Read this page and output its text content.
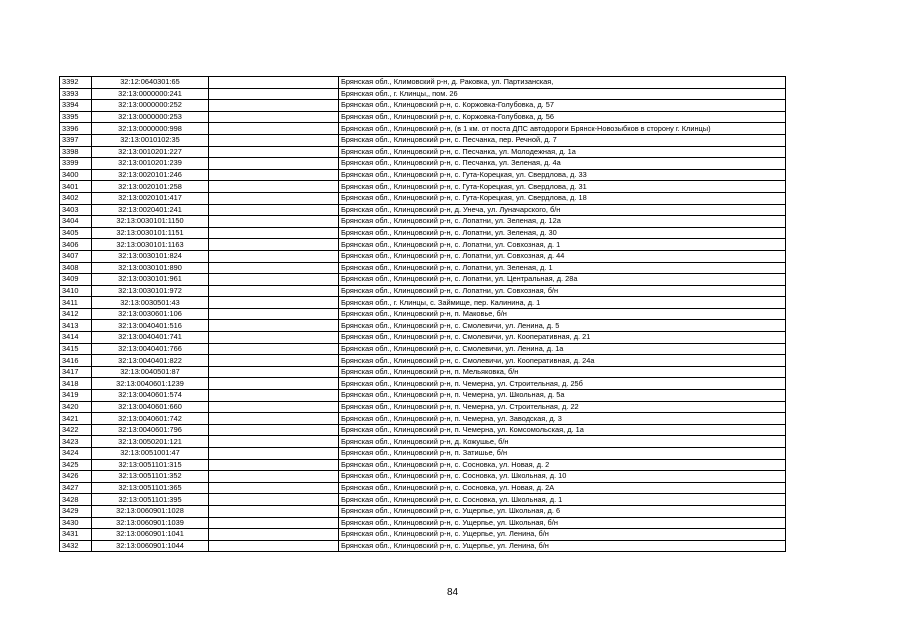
3392	32:12:0640301:65		Брянская обл., Климовский р-н, д. Раковка, ул. Партизанская,
3393	32:13:0000000:241		Брянская обл., г. Клинцы,, пом. 26
3394	32:13:0000000:252		Брянская обл., Клинцовский р-н, с. Коржовка-Голубовка, д. 57
3395	32:13:0000000:253		Брянская обл., Клинцовский р-н, с. Коржовка-Голубовка, д. 56
3396	32:13:0000000:998		Брянская обл., Клинцовский р-н, (в 1 км. от поста ДПС автодороги Брянск-Новозыбков в сторону г. Клинцы)
3397	32:13:0010102:35		Брянская обл., Клинцовский р-н, с. Песчанка, пер. Речной, д. 7
3398	32:13:0010201:227		Брянская обл., Клинцовский р-н, с. Песчанка, ул. Молодежная, д. 1а
3399	32:13:0010201:239		Брянская обл., Клинцовский р-н, с. Песчанка, ул. Зеленая, д. 4а
3400	32:13:0020101:246		Брянская обл., Клинцовский р-н, с. Гута-Корецкая, ул. Свердлова, д. 33
3401	32:13:0020101:258		Брянская обл., Клинцовский р-н, с. Гута-Корецкая, ул. Свердлова, д. 31
3402	32:13:0020101:417		Брянская обл., Клинцовский р-н, с. Гута-Корецкая, ул. Свердлова, д. 18
3403	32:13:0020401:241		Брянская обл., Клинцовский р-н, д. Унеча, ул. Луначарского, б/н
3404	32:13:0030101:1150		Брянская обл., Клинцовский р-н, с. Лопатни, ул. Зеленая, д. 12а
3405	32:13:0030101:1151		Брянская обл., Клинцовский р-н, с. Лопатни, ул. Зеленая, д. 30
3406	32:13:0030101:1163		Брянская обл., Клинцовский р-н, с. Лопатни, ул. Совхозная, д. 1
3407	32:13:0030101:824		Брянская обл., Клинцовский р-н, с. Лопатни, ул. Совхозная, д. 44
3408	32:13:0030101:890		Брянская обл., Клинцовский р-н, с. Лопатни, ул. Зеленая, д. 1
3409	32:13:0030101:961		Брянская обл., Клинцовский р-н, с. Лопатни, ул. Центральная, д. 28а
3410	32:13:0030101:972		Брянская обл., Клинцовский р-н, с. Лопатни, ул. Совхозная, б/н
3411	32:13:0030501:43		Брянская обл., г. Клинцы, с. Займище, пер. Калинина, д. 1
3412	32:13:0030601:106		Брянская обл., Клинцовский р-н, п. Маковье, б/н
3413	32:13:0040401:516		Брянская обл., Клинцовский р-н, с. Смолевичи, ул. Ленина, д. 5
3414	32:13:0040401:741		Брянская обл., Клинцовский р-н, с. Смолевичи, ул. Кооперативная, д. 21
3415	32:13:0040401:766		Брянская обл., Клинцовский р-н, с. Смолевичи, ул. Ленина, д. 1а
3416	32:13:0040401:822		Брянская обл., Клинцовский р-н, с. Смолевичи, ул. Кооперативная, д. 24а
3417	32:13:0040501:87		Брянская обл., Клинцовский р-н, п. Мельяковка, б/н
3418	32:13:0040601:1239		Брянская обл., Клинцовский р-н, п. Чемерна, ул. Строительная, д. 25б
3419	32:13:0040601:574		Брянская обл., Клинцовский р-н, п. Чемерна, ул. Школьная, д. 5а
3420	32:13:0040601:660		Брянская обл., Клинцовский р-н, п. Чемерна, ул. Строительная, д. 22
3421	32:13:0040601:742		Брянская обл., Клинцовский р-н, п. Чемерна, ул. Заводская, д. 3
3422	32:13:0040601:796		Брянская обл., Клинцовский р-н, п. Чемерна, ул. Комсомольская, д. 1а
3423	32:13:0050201:121		Брянская обл., Клинцовский р-н, д. Кожушье, б/н
3424	32:13:0051001:47		Брянская обл., Клинцовский р-н, п. Затишье, б/н
3425	32:13:0051101:315		Брянская обл., Клинцовский р-н, с. Сосновка, ул. Новая, д. 2
3426	32:13:0051101:352		Брянская обл., Клинцовский р-н, с. Сосновка, ул. Школьная, д. 10
3427	32:13:0051101:365		Брянская обл., Клинцовский р-н, с. Сосновка, ул. Новая, д. 2А
3428	32:13:0051101:395		Брянская обл., Клинцовский р-н, с. Сосновка, ул. Школьная, д. 1
3429	32:13:0060901:1028		Брянская обл., Клинцовский р-н, с. Ущерпье, ул. Школьная, д. 6
3430	32:13:0060901:1039		Брянская обл., Клинцовский р-н, с. Ущерпье, ул. Школьная, б/н
3431	32:13:0060901:1041		Брянская обл., Клинцовский р-н, с. Ущерпье, ул. Ленина, б/н
3432	32:13:0060901:1044		Брянская обл., Клинцовский р-н, с. Ущерпье, ул. Ленина, б/н
84
